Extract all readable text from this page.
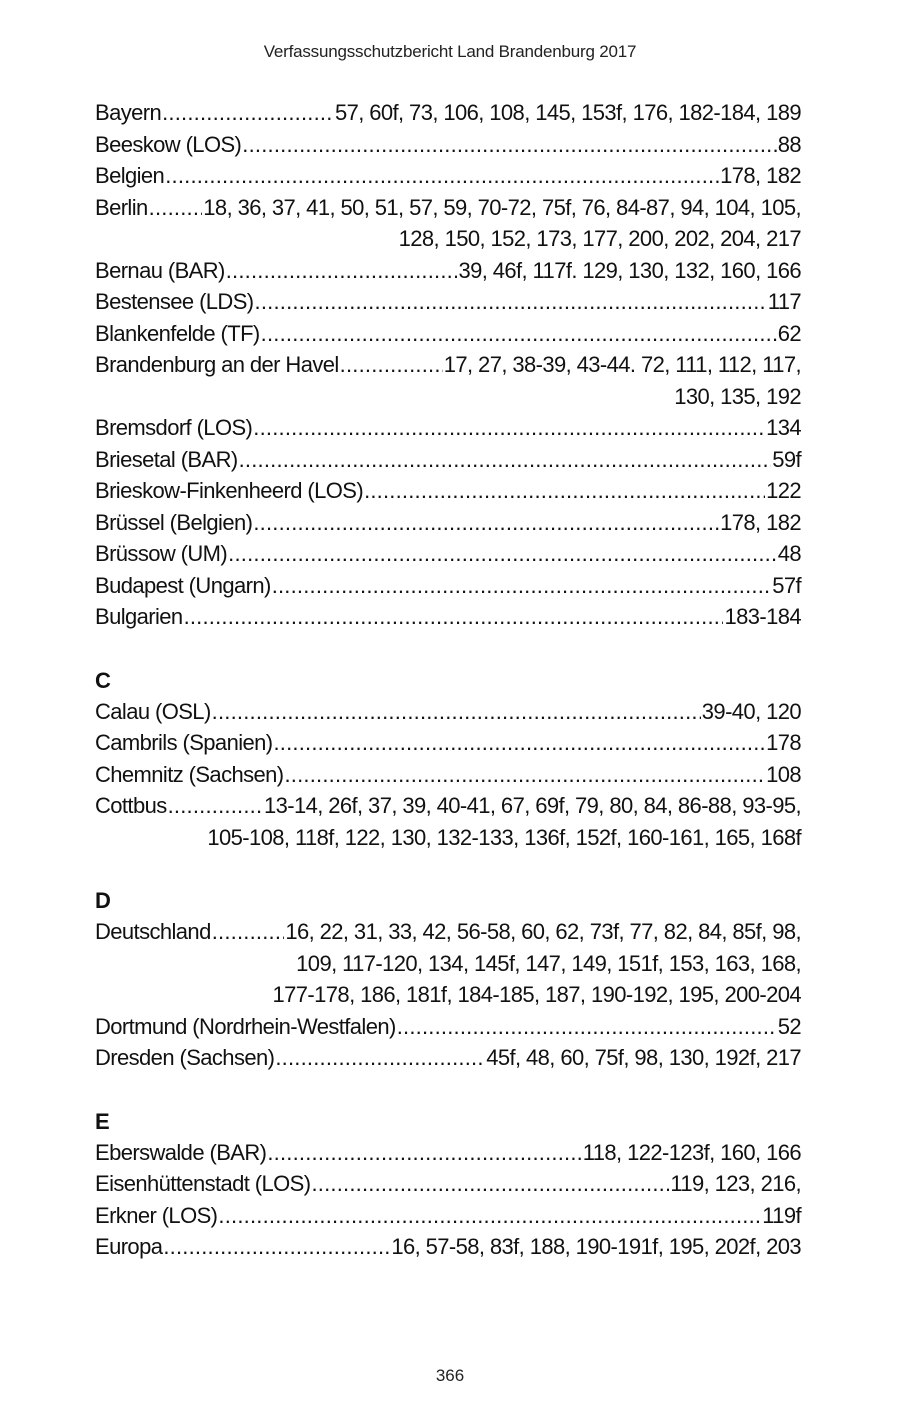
Verfassungsschutzbericht Land Brandenburg 2017
Bayern .....	57, 60f, 73, 106, 108, 145, 153f, 176, 182-184, 189
Beeskow (LOS) .....	88
Belgien .....	178, 182
Berlin .....	18, 36, 37, 41, 50, 51, 57, 59, 70-72, 75f, 76, 84-87, 94, 104, 105,
128, 150, 152, 173, 177, 200, 202, 204, 217
Bernau (BAR) .....	39, 46f, 117f. 129, 130, 132, 160, 166
Bestensee (LDS) .....	117
Blankenfelde (TF) .....	62
Brandenburg an der Havel .....	17, 27, 38-39, 43-44. 72, 111, 112, 117,
130, 135, 192
Bremsdorf (LOS) .....	134
Briesetal (BAR) .....	59f
Brieskow-Finkenheerd (LOS) .....	122
Brüssel (Belgien) .....	178, 182
Brüssow (UM) .....	48
Budapest (Ungarn) .....	57f
Bulgarien .....	183-184
C
Calau (OSL) .....	39-40, 120
Cambrils (Spanien) .....	178
Chemnitz (Sachsen) .....	108
Cottbus .....	13-14, 26f, 37, 39, 40-41, 67, 69f, 79, 80, 84, 86-88, 93-95,
105-108, 118f, 122, 130, 132-133, 136f, 152f, 160-161, 165, 168f
D
Deutschland .....	16, 22, 31, 33, 42, 56-58, 60, 62, 73f, 77, 82, 84, 85f, 98,
109, 117-120, 134, 145f, 147, 149, 151f, 153, 163, 168,
177-178, 186, 181f, 184-185, 187, 190-192, 195, 200-204
Dortmund (Nordrhein-Westfalen) .....	52
Dresden (Sachsen) .....	45f, 48, 60, 75f, 98, 130, 192f, 217
E
Eberswalde (BAR) .....	118, 122-123f, 160, 166
Eisenhüttenstadt (LOS) .....	119, 123, 216,
Erkner (LOS) .....	119f
Europa .....	16, 57-58, 83f, 188, 190-191f, 195, 202f, 203
366
